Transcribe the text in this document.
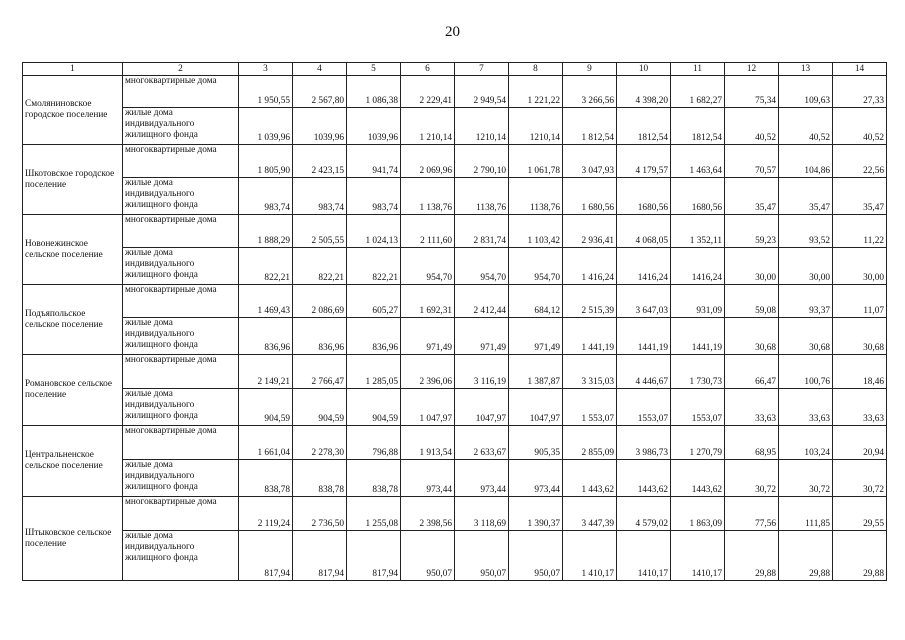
20
1	2	3	4	5	6	7	8	9	10	11	12	13	14
Смоляниновское городское поселение	многоквартирные дома	1 950,55	2 567,80	1 086,38	2 229,41	2 949,54	1 221,22	3 266,56	4 398,20	1 682,27	75,34	109,63	27,33
	жилые дома индивидуального жилищного фонда	1 039,96	1039,96	1039,96	1 210,14	1210,14	1210,14	1 812,54	1812,54	1812,54	40,52	40,52	40,52
Шкотовское городское поселение	многоквартирные дома	1 805,90	2 423,15	941,74	2 069,96	2 790,10	1 061,78	3 047,93	4 179,57	1 463,64	70,57	104,86	22,56
	жилые дома индивидуального жилищного фонда	983,74	983,74	983,74	1 138,76	1138,76	1138,76	1 680,56	1680,56	1680,56	35,47	35,47	35,47
Новонежинское сельское поселение	многоквартирные дома	1 888,29	2 505,55	1 024,13	2 111,60	2 831,74	1 103,42	2 936,41	4 068,05	1 352,11	59,23	93,52	11,22
	жилые дома индивидуального жилищного фонда	822,21	822,21	822,21	954,70	954,70	954,70	1 416,24	1416,24	1416,24	30,00	30,00	30,00
Подъяпольское сельское поселение	многоквартирные дома	1 469,43	2 086,69	605,27	1 692,31	2 412,44	684,12	2 515,39	3 647,03	931,09	59,08	93,37	11,07
	жилые дома индивидуального жилищного фонда	836,96	836,96	836,96	971,49	971,49	971,49	1 441,19	1441,19	1441,19	30,68	30,68	30,68
Романовское сельское поселение	многоквартирные дома	2 149,21	2 766,47	1 285,05	2 396,06	3 116,19	1 387,87	3 315,03	4 446,67	1 730,73	66,47	100,76	18,46
	жилые дома индивидуального жилищного фонда	904,59	904,59	904,59	1 047,97	1047,97	1047,97	1 553,07	1553,07	1553,07	33,63	33,63	33,63
Центральненское сельское поселение	многоквартирные дома	1 661,04	2 278,30	796,88	1 913,54	2 633,67	905,35	2 855,09	3 986,73	1 270,79	68,95	103,24	20,94
	жилые дома индивидуального жилищного фонда	838,78	838,78	838,78	973,44	973,44	973,44	1 443,62	1443,62	1443,62	30,72	30,72	30,72
Штыковское сельское поселение	многоквартирные дома	2 119,24	2 736,50	1 255,08	2 398,56	3 118,69	1 390,37	3 447,39	4 579,02	1 863,09	77,56	111,85	29,55
	жилые дома индивидуального жилищного фонда	817,94	817,94	817,94	950,07	950,07	950,07	1 410,17	1410,17	1410,17	29,88	29,88	29,88
